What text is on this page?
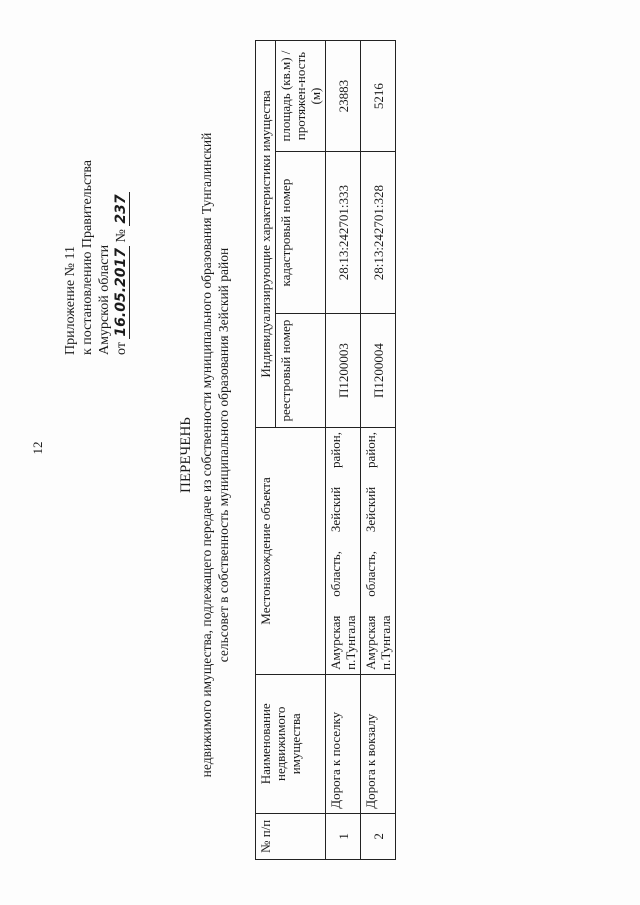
12
Приложение № 11 к постановлению Правительства Амурской области от 16.05.2017 № 237
ПЕРЕЧЕНЬ недвижимого имущества, подлежащего передаче из собственности муниципального образования Тунгалинский сельсовет в собственность муниципального образования Зейский район
№ п/п	Наименование недвижимого имущества	Местонахождение объекта	Индивидуализирующие характеристики имущества		
			реестровый номер	кадастровый номер	площадь (кв.м) / протяжен-ность (м)
1	Дорога к поселку	Амурская область, Зейский район, п.Тунгала	П1200003	28:13:242701:333	23883
2	Дорога к вокзалу	Амурская область, Зейский район, п.Тунгала	П1200004	28:13:242701:328	5216
